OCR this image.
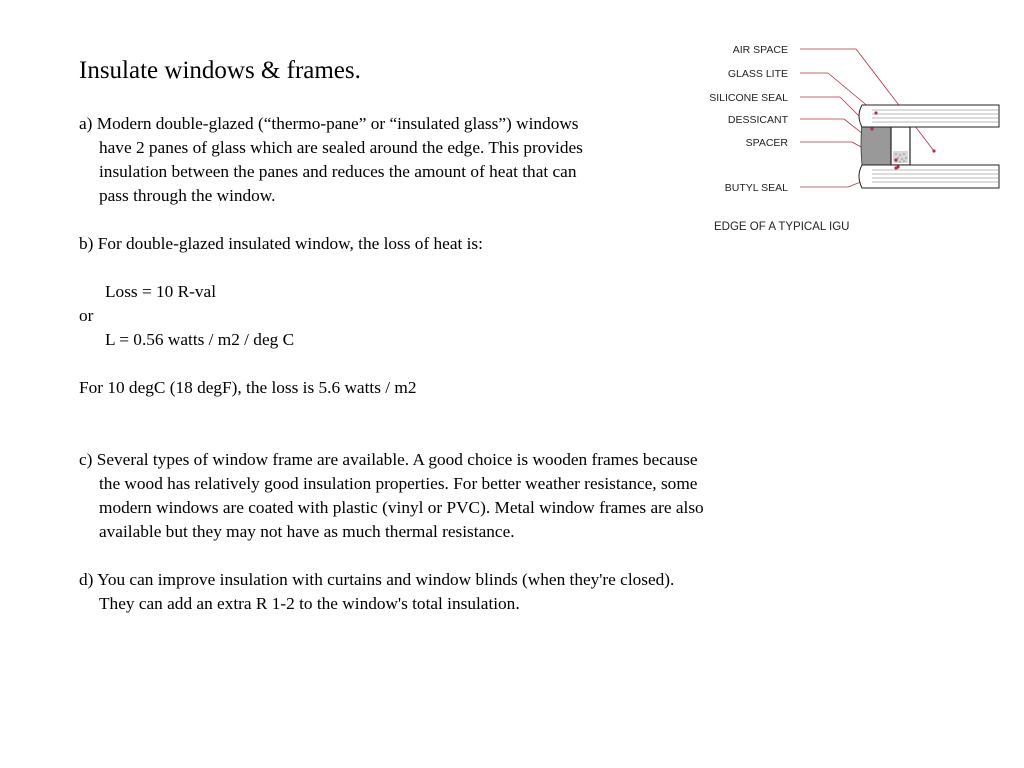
Insulate windows & frames.
a) Modern double-glazed (“thermo-pane” or “insulated glass”) windows
have 2 panes of glass which are sealed around the edge. This provides
insulation between the panes and reduces the amount of heat that can
pass through the window.
b) For double-glazed insulated window, the loss of heat is:

Loss = 10 R-val
or
L = 0.56 watts / m2 / deg C

For 10 degC (18 degF), the loss is 5.6 watts / m2
c) Several types of window frame are available. A good choice is wooden frames because
the wood has relatively good insulation properties. For better weather resistance, some
modern windows are coated with plastic (vinyl or PVC). Metal window frames are also
available but they may not have as much thermal resistance.
d) You can improve insulation with curtains and window blinds (when they're closed).
They can add an extra R 1-2 to the window's total insulation.
AIR SPACE
GLASS LITE
SILICONE SEAL
DESSICANT
SPACER
BUTYL SEAL
EDGE OF A TYPICAL IGU
